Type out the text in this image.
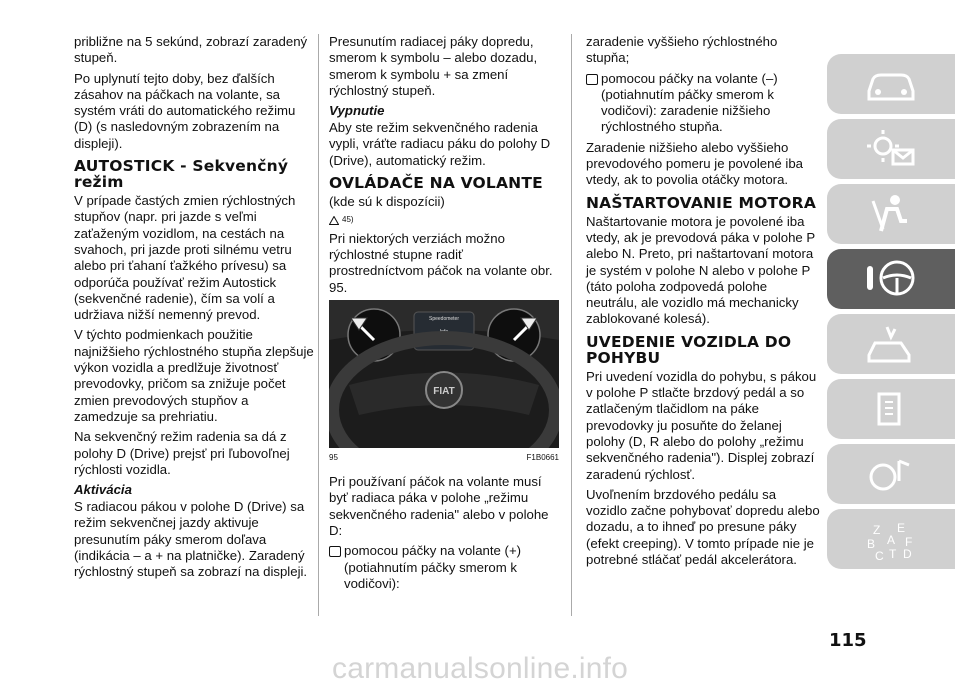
približne na 5 sekúnd, zobrazí zaradený stupeň.

Po uplynutí tejto doby, bez ďalších zásahov na páčkach na volante, sa systém vráti do automatického režimu (D) (s nasledovným zobrazením na displeji).

AUTOSTICK - Sekvenčný režim

V prípade častých zmien rýchlostných stupňov (napr. pri jazde s veľmi zaťaženým vozidlom, na cestách na svahoch, pri jazde proti silnému vetru alebo pri ťahaní ťažkého prívesu) sa odporúča používať režim Autostick (sekvenčné radenie), čím sa volí a udržiava nižší nemenný prevod.

V týchto podmienkach použitie najnižšieho rýchlostného stupňa zlepšuje výkon vozidla a predlžuje životnosť prevodovky, pričom sa znižuje počet zmien prevodových stupňov a zamedzuje sa prehriatiu.

Na sekvenčný režim radenia sa dá z polohy D (Drive) prejsť pri ľubovoľnej rýchlosti vozidla.

Aktivácia

S radiacou pákou v polohe D (Drive) sa režim sekvenčnej jazdy aktivuje presunutím páky smerom doľava (indikácia – a + na platničke). Zaradený rýchlostný stupeň sa zobrazí na displeji.

Presunutím radiacej páky dopredu, smerom k symbolu – alebo dozadu, smerom k symbolu + sa zmení rýchlostný stupeň.

Vypnutie

Aby ste režim sekvenčného radenia vypli, vráťte radiacu páku do polohy D (Drive), automatický režim.

OVLÁDAČE NA VOLANTE

(kde sú k dispozícii)

45)

Pri niektorých verziách možno rýchlostné stupne radiť prostredníctvom páčok na volante obr. 95.

Speedometer
Info
FIAT
95	F1B0661

Pri používaní páčok na volante musí byť radiaca páka v polohe „režimu sekvenčného radenia" alebo v polohe D:

pomocou páčky na volante (+) (potiahnutím páčky smerom k vodičovi):

zaradenie vyššieho rýchlostného stupňa;

pomocou páčky na volante (–) (potiahnutím páčky smerom k vodičovi): zaradenie nižšieho rýchlostného stupňa.

Zaradenie nižšieho alebo vyššieho prevodového pomeru je povolené iba vtedy, ak to povolia otáčky motora.

NAŠTARTOVANIE MOTORA

Naštartovanie motora je povolené iba vtedy, ak je prevodová páka v polohe P alebo N. Preto, pri naštartovaní motora je systém v polohe N alebo v polohe P (táto poloha zodpovedá polohe neutrálu, ale vozidlo má mechanicky zablokované kolesá).

UVEDENIE VOZIDLA DO POHYBU

Pri uvedení vozidla do pohybu, s pákou v polohe P stlačte brzdový pedál a so zatlačeným tlačidlom na páke prevodovky ju posuňte do želanej polohy (D, R alebo do polohy „režimu sekvenčného radenia"). Displej zobrazí zaradenú rýchlosť.

Uvoľnením brzdového pedálu sa vozidlo začne pohybovať dopredu alebo dozadu, a to ihneď po presune páky (efekt creeping). V tomto prípade nie je potrebné stláčať pedál akcelerátora.

Z E
B F
A
C T D
115
carmanualsonline.info
